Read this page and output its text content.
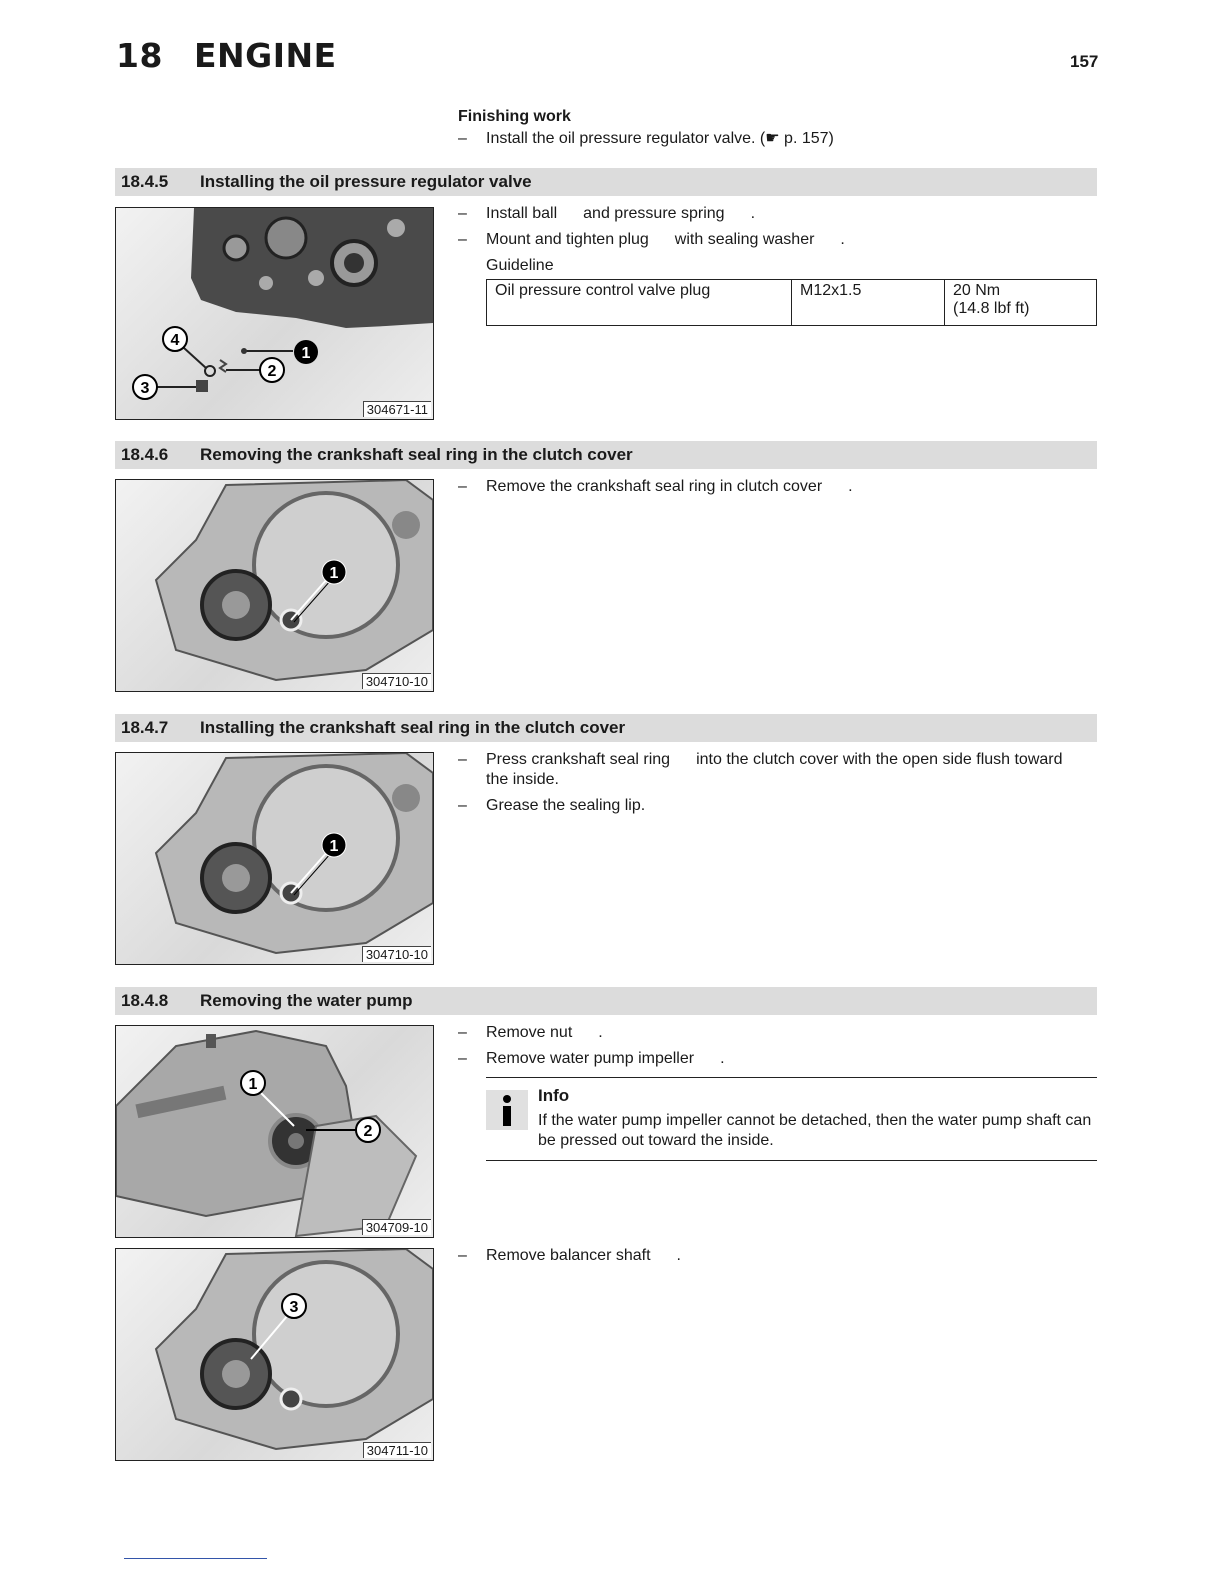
18 ENGINE	157
Finishing work
–	Install the oil pressure regulator valve. (☛ p. 157)
18.4.5 Installing the oil pressure regulator valve
1
2
3
4
304671-11
–	Install ball and pressure spring .
–	Mount and tighten plug with sealing washer .
Guideline
Oil pressure control valve plug	M12x1.5	20 Nm
(14.8 lbf ft)
18.4.6 Removing the crankshaft seal ring in the clutch cover
1
304710-10
–	Remove the crankshaft seal ring in clutch cover .
18.4.7 Installing the crankshaft seal ring in the clutch cover
1
304710-10
–	Press crankshaft seal ring into the clutch cover with the open side flush toward
the inside.
–	Grease the sealing lip.
18.4.8 Removing the water pump
1
2
304709-10
3
304711-10
–	Remove nut .
–	Remove water pump impeller .
Info
If the water pump impeller cannot be detached, then the water pump shaft can be pressed out toward the inside.
–	Remove balancer shaft .
